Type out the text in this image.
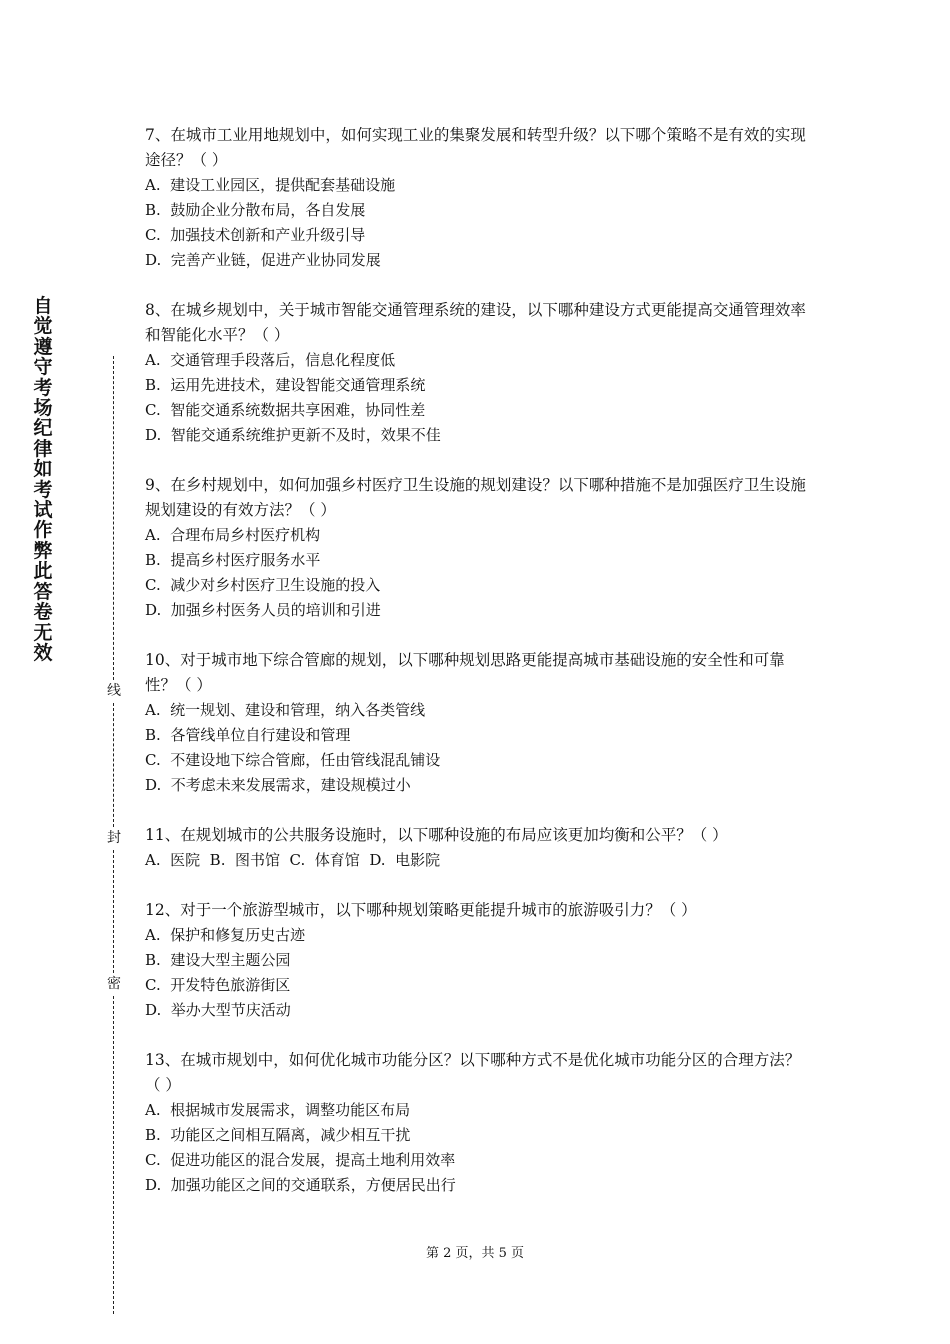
自觉遵守考场纪律如考试作弊此答卷无效
线
封
密

7、在城市工业用地规划中，如何实现工业的集聚发展和转型升级？以下哪个策略不是有效的实现途径？（ ）

A.  建设工业园区，提供配套基础设施

B.  鼓励企业分散布局，各自发展

C.  加强技术创新和产业升级引导

D.  完善产业链，促进产业协同发展

8、在城乡规划中，关于城市智能交通管理系统的建设，以下哪种建设方式更能提高交通管理效率和智能化水平？（ ）

A.  交通管理手段落后，信息化程度低

B.  运用先进技术，建设智能交通管理系统

C.  智能交通系统数据共享困难，协同性差

D.  智能交通系统维护更新不及时，效果不佳

9、在乡村规划中，如何加强乡村医疗卫生设施的规划建设？以下哪种措施不是加强医疗卫生设施规划建设的有效方法？（ ）

A.  合理布局乡村医疗机构

B.  提高乡村医疗服务水平

C.  减少对乡村医疗卫生设施的投入

D.  加强乡村医务人员的培训和引进

10、对于城市地下综合管廊的规划，以下哪种规划思路更能提高城市基础设施的安全性和可靠性？（ ）

A.  统一规划、建设和管理，纳入各类管线

B.  各管线单位自行建设和管理

C.  不建设地下综合管廊，任由管线混乱铺设

D.  不考虑未来发展需求，建设规模过小

11、在规划城市的公共服务设施时，以下哪种设施的布局应该更加均衡和公平？（ ）

A.  医院  B.  图书馆  C.  体育馆  D.  电影院

12、对于一个旅游型城市，以下哪种规划策略更能提升城市的旅游吸引力？（ ）

A.  保护和修复历史古迹

B.  建设大型主题公园

C.  开发特色旅游街区

D.  举办大型节庆活动

13、在城市规划中，如何优化城市功能分区？以下哪种方式不是优化城市功能分区的合理方法？（ ）

A.  根据城市发展需求，调整功能区布局

B.  功能区之间相互隔离，减少相互干扰

C.  促进功能区的混合发展，提高土地利用效率

D.  加强功能区之间的交通联系，方便居民出行

第 2 页，共 5 页
